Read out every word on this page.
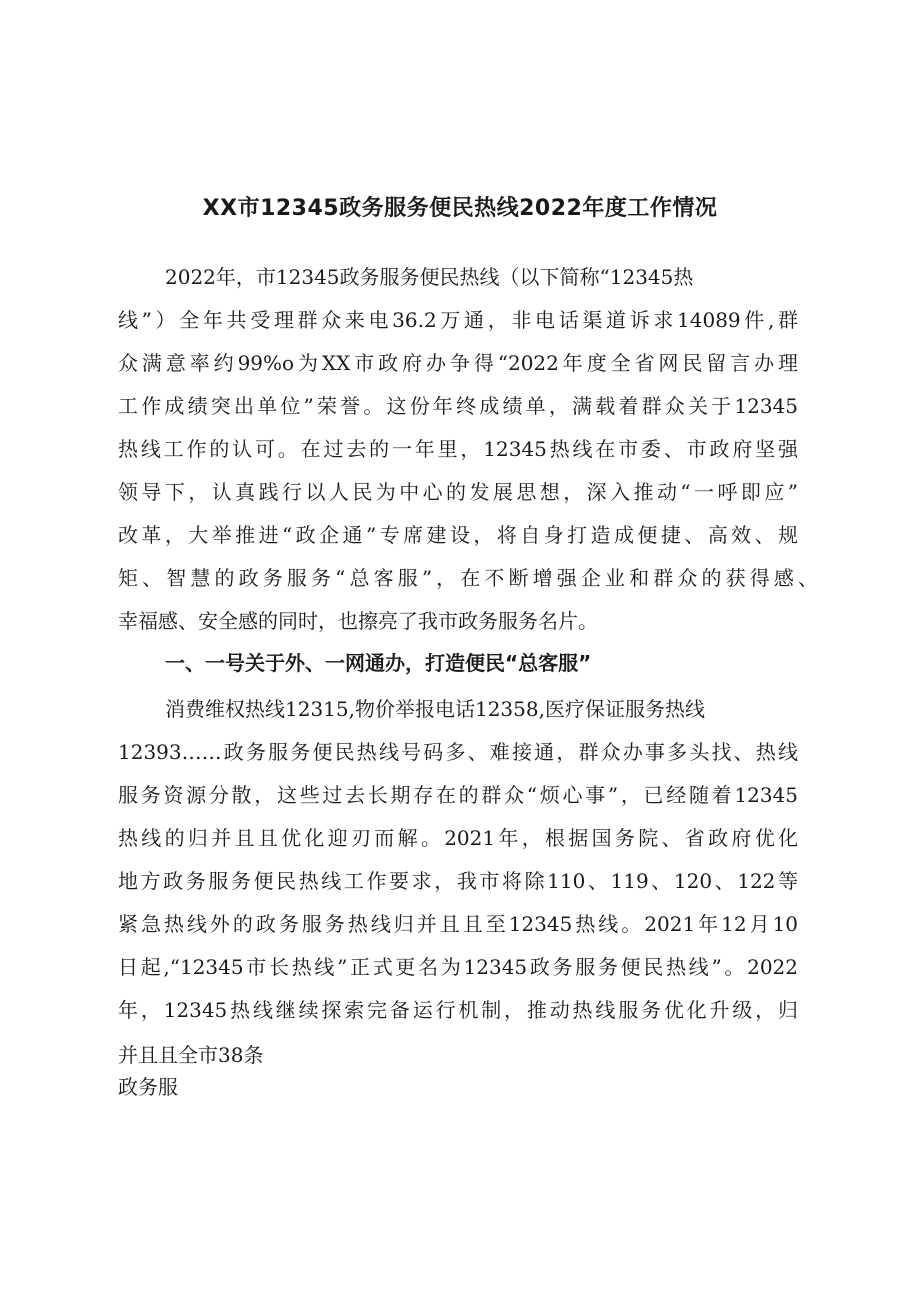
XX市12345政务服务便民热线2022年度工作情况
2022年，市12345政务服务便民热线（以下简称“12345热
线”）全年共受理群众来电36.2万通，非电话渠道诉求14089件,群
众满意率约99%o为XX市政府办争得“2022年度全省网民留言办理
工作成绩突出单位”荣誉。这份年终成绩单，满载着群众关于12345
热线工作的认可。在过去的一年里，12345热线在市委、市政府坚强
领导下，认真践行以人民为中心的发展思想，深入推动“一呼即应”
改革，大举推进“政企通”专席建设，将自身打造成便捷、高效、规
矩、智慧的政务服务“总客服”，在不断增强企业和群众的获得感、
幸福感、安全感的同时，也擦亮了我市政务服务名片。
一、一号关于外、一网通办，打造便民“总客服”
消费维权热线12315,物价举报电话12358,医疗保证服务热线
12393……政务服务便民热线号码多、难接通，群众办事多头找、热线
服务资源分散，这些过去长期存在的群众“烦心事”，已经随着12345
热线的归并且且优化迎刃而解。2021年，根据国务院、省政府优化
地方政务服务便民热线工作要求，我市将除110、119、120、122等
紧急热线外的政务服务热线归并且且至12345热线。2021年12月10
日起,“12345市长热线”正式更名为12345政务服务便民热线”。2022
年，12345热线继续探索完备运行机制，推动热线服务优化升级，归
并且且全市38条
政务服
